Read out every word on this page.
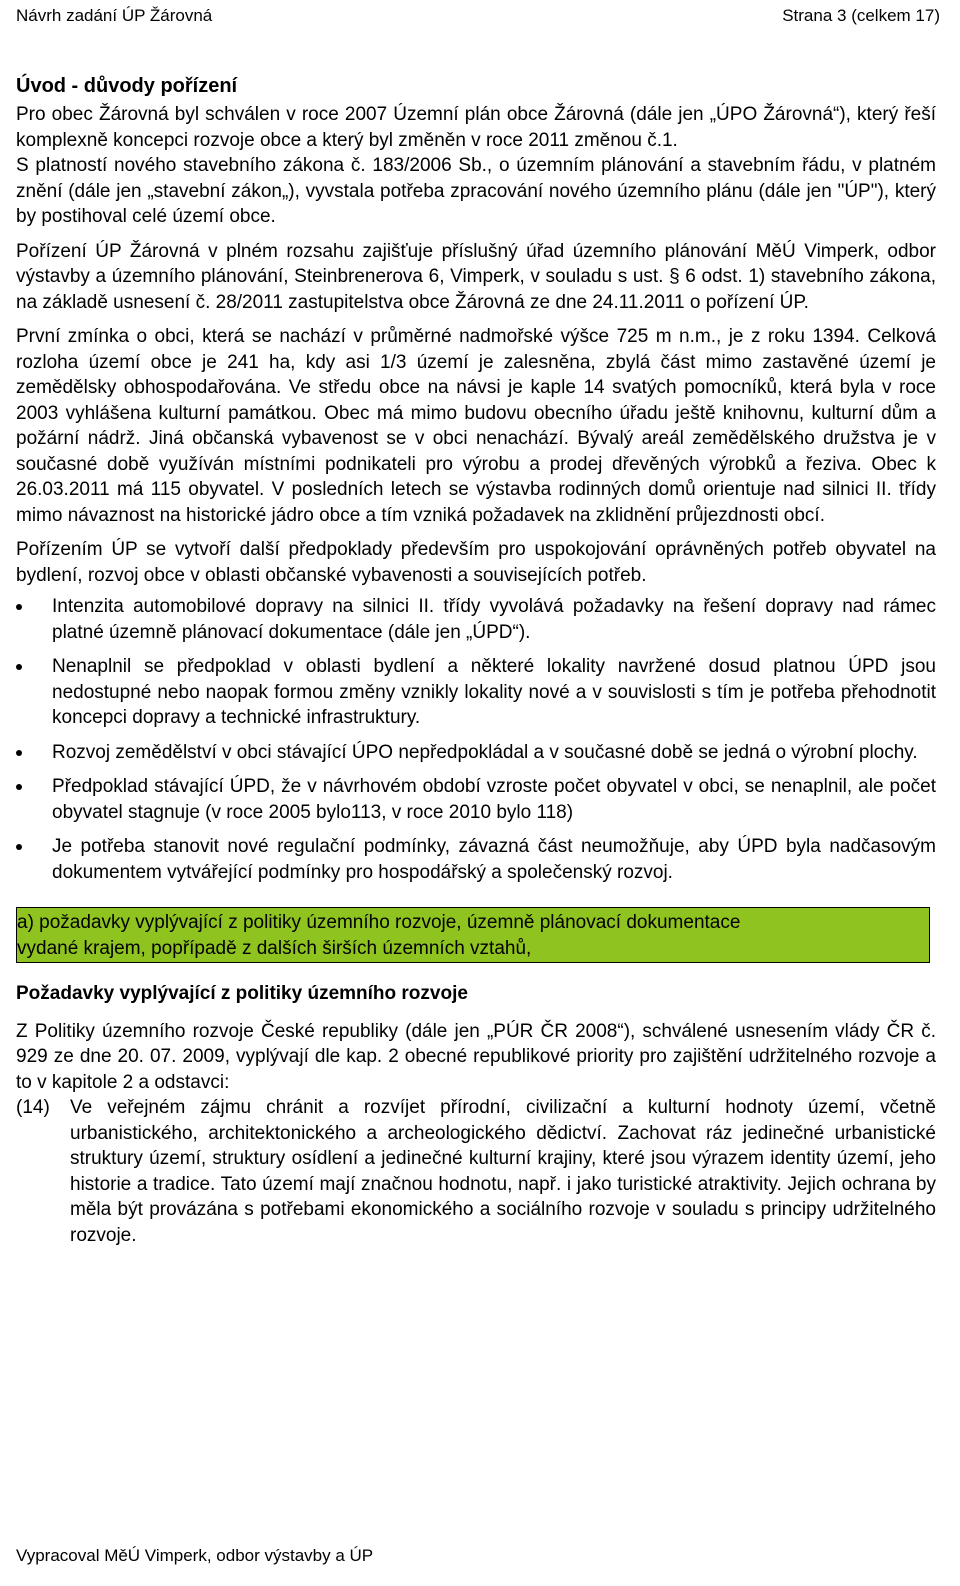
Návrh zadání ÚP Žárovná	Strana 3 (celkem 17)

Úvod - důvody pořízení

Pro obec Žárovná byl schválen v roce 2007 Územní plán obce Žárovná (dále jen „ÚPO Žárovná“), který řeší komplexně koncepci rozvoje obce a který byl změněn v roce 2011 změnou č.1.

S platností nového stavebního zákona č. 183/2006 Sb., o územním plánování a stavebním řádu, v platném znění (dále jen „stavební zákon„), vyvstala potřeba zpracování nového územního plánu (dále jen "ÚP"), který by postihoval celé území obce.

Pořízení ÚP Žárovná v plném rozsahu zajišťuje příslušný úřad územního plánování MěÚ Vimperk, odbor výstavby a územního plánování, Steinbrenerova 6, Vimperk, v souladu s ust. § 6 odst. 1) stavebního zákona, na základě usnesení č. 28/2011 zastupitelstva obce Žárovná ze dne 24.11.2011 o pořízení ÚP.

První zmínka o obci, která se nachází v průměrné nadmořské výšce 725 m n.m., je z roku 1394. Celková rozloha území obce je 241 ha, kdy asi 1/3 území je zalesněna, zbylá část mimo zastavěné území je zemědělsky obhospodařována. Ve středu obce na návsi je kaple 14 svatých pomocníků, která byla v roce 2003 vyhlášena kulturní památkou. Obec má mimo budovu obecního úřadu ještě knihovnu, kulturní dům a požární nádrž. Jiná občanská vybavenost se v obci nenachází. Bývalý areál zemědělského družstva je v současné době využíván místními podnikateli pro výrobu a prodej dřevěných výrobků a řeziva. Obec k 26.03.2011 má 115 obyvatel. V posledních letech se výstavba rodinných domů orientuje nad silnici II. třídy mimo návaznost na historické jádro obce a tím vzniká požadavek na zklidnění průjezdnosti obcí.

Pořízením ÚP se vytvoří další předpoklady především pro uspokojování oprávněných potřeb obyvatel na bydlení, rozvoj obce v oblasti občanské vybavenosti a souvisejících potřeb.

Intenzita automobilové dopravy na silnici II. třídy vyvolává požadavky na řešení dopravy nad rámec platné územně plánovací dokumentace (dále jen „ÚPD“).
Nenaplnil se předpoklad v oblasti bydlení a některé lokality navržené dosud platnou ÚPD jsou nedostupné nebo naopak formou změny vznikly lokality nové a v souvislosti s tím je potřeba přehodnotit koncepci dopravy a technické infrastruktury.
Rozvoj zemědělství v obci stávající ÚPO nepředpokládal a v současné době se jedná o výrobní plochy.
Předpoklad stávající ÚPD, že v návrhovém období vzroste počet obyvatel v obci, se nenaplnil, ale počet obyvatel stagnuje (v roce 2005 bylo113, v roce 2010 bylo 118)
Je potřeba stanovit nové regulační podmínky, závazná část neumožňuje, aby ÚPD byla nadčasovým dokumentem vytvářející podmínky pro hospodářský a společenský rozvoj.
a) požadavky vyplývající z politiky územního rozvoje, územně plánovací dokumentace
vydané krajem, popřípadě z dalších širších územních vztahů,

Požadavky vyplývající z politiky územního rozvoje

Z Politiky územního rozvoje České republiky (dále jen „PÚR ČR 2008“), schválené usnesením vlády ČR č. 929 ze dne 20. 07. 2009, vyplývají dle kap. 2 obecné republikové priority pro zajištění udržitelného rozvoje a to v kapitole 2 a odstavci:

(14) Ve veřejném zájmu chránit a rozvíjet přírodní, civilizační a kulturní hodnoty území, včetně urbanistického, architektonického a archeologického dědictví. Zachovat ráz jedinečné urbanistické struktury území, struktury osídlení a jedinečné kulturní krajiny, které jsou výrazem identity území, jeho historie a tradice. Tato území mají značnou hodnotu, např. i jako turistické atraktivity. Jejich ochrana by měla být provázána s potřebami ekonomického a sociálního rozvoje v souladu s principy udržitelného rozvoje.

Vypracoval MěÚ Vimperk, odbor výstavby a ÚP
